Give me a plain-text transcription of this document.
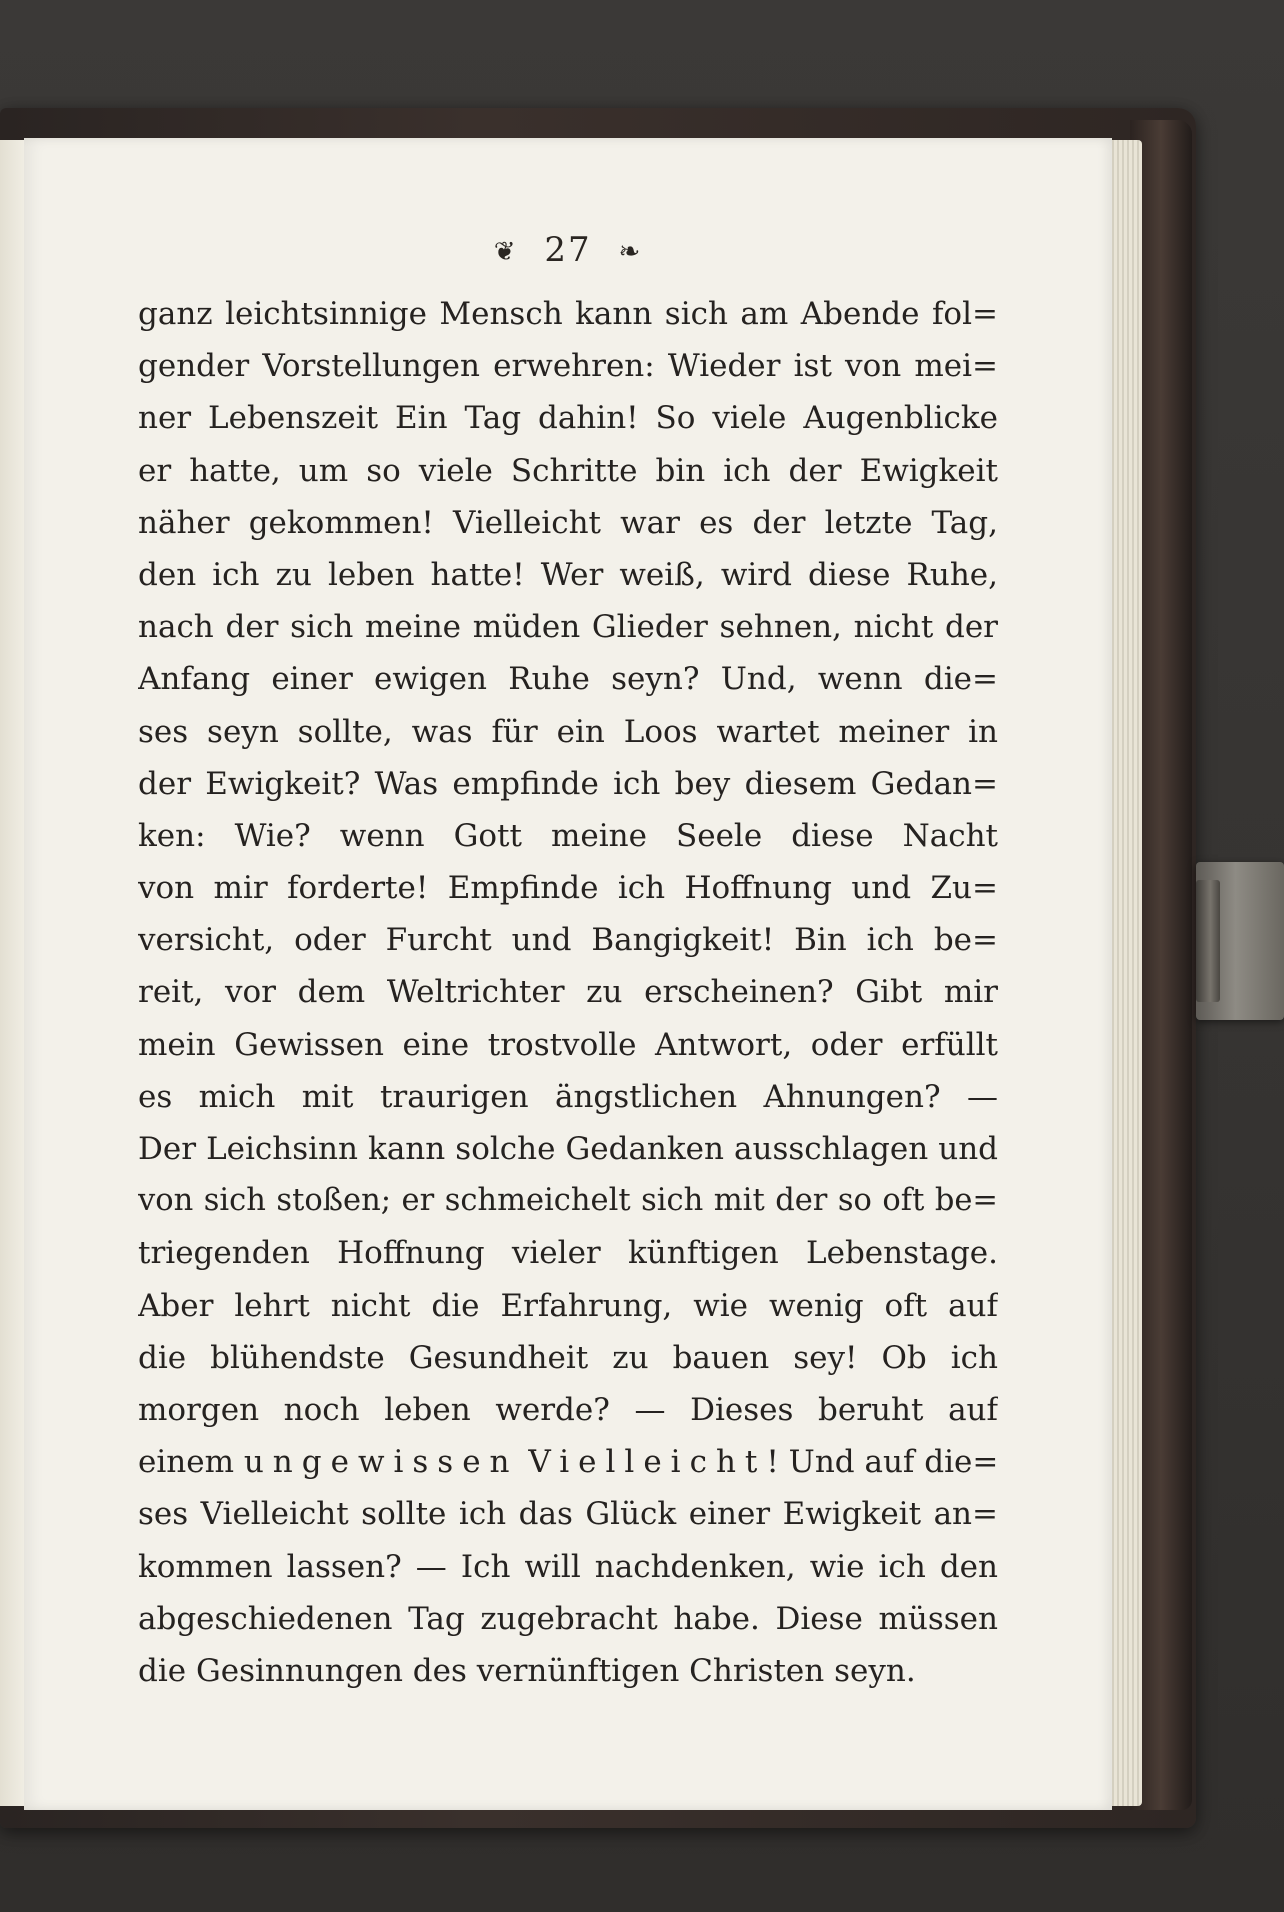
❦ 27 ❧
ganz leichtsinnige Mensch kann sich am Abende fol=
gender Vorstellungen erwehren: Wieder ist von mei=
ner Lebenszeit Ein Tag dahin! So viele Augenblicke
er hatte, um so viele Schritte bin ich der Ewigkeit
näher gekommen! Vielleicht war es der letzte Tag,
den ich zu leben hatte! Wer weiß, wird diese Ruhe,
nach der sich meine müden Glieder sehnen, nicht der
Anfang einer ewigen Ruhe seyn? Und, wenn die=
ses seyn sollte, was für ein Loos wartet meiner in
der Ewigkeit? Was empfinde ich bey diesem Gedan=
ken: Wie? wenn Gott meine Seele diese Nacht
von mir forderte! Empfinde ich Hoffnung und Zu=
versicht, oder Furcht und Bangigkeit! Bin ich be=
reit, vor dem Weltrichter zu erscheinen? Gibt mir
mein Gewissen eine trostvolle Antwort, oder erfüllt
es mich mit traurigen ängstlichen Ahnungen? —
Der Leichsinn kann solche Gedanken ausschlagen und
von sich stoßen; er schmeichelt sich mit der so oft be=
triegenden Hoffnung vieler künftigen Lebenstage.
Aber lehrt nicht die Erfahrung, wie wenig oft auf
die blühendste Gesundheit zu bauen sey! Ob ich
morgen noch leben werde? — Dieses beruht auf
einem ungewissen Vielleicht! Und auf die=
ses Vielleicht sollte ich das Glück einer Ewigkeit an=
kommen lassen? — Ich will nachdenken, wie ich den
abgeschiedenen Tag zugebracht habe. Diese müssen
die Gesinnungen des vernünftigen Christen seyn.
